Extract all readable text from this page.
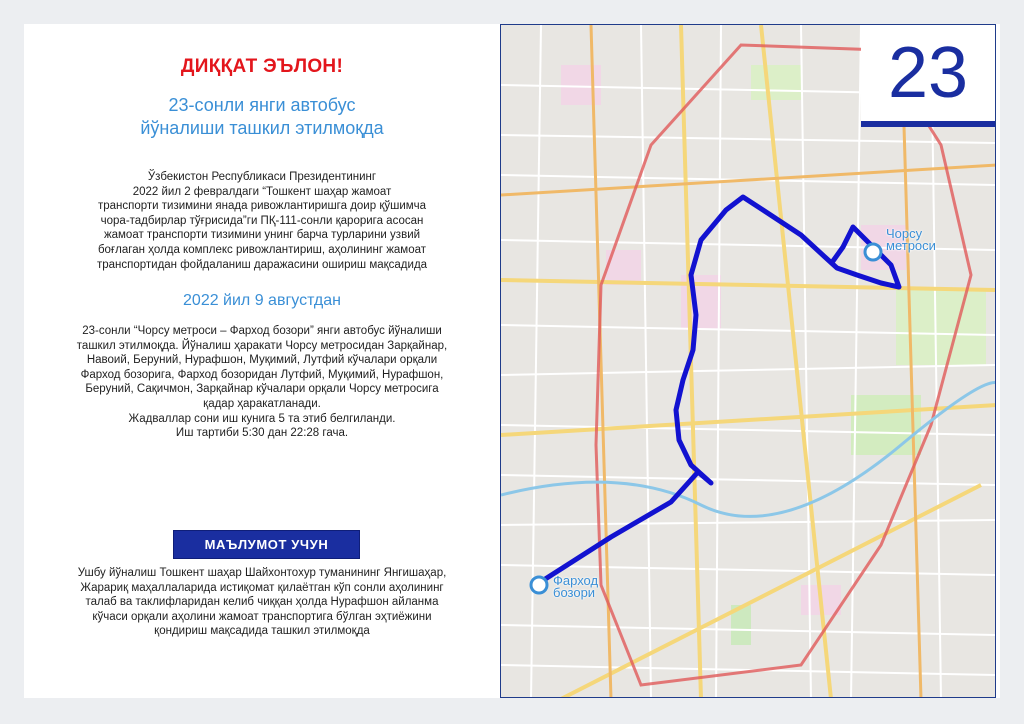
ДИҚҚАТ ЭЪЛОН!
23-сонли янги автобус
йўналиши ташкил этилмоқда
Ўзбекистон Республикаси Президентининг
2022 йил 2 февралдаги “Тошкент шаҳар жамоат
транспорти тизимини янада ривожлантиришга доир қўшимча
чора-тадбирлар тўғрисида”ги ПҚ-111-сонли қарорига асосан
жамоат транспорти тизимини унинг барча турларини узвий
боғлаган ҳолда комплекс ривожлантириш, аҳолининг жамоат
транспортидан фойдаланиш даражасини ошириш мақсадида
2022 йил 9 августдан
23-сонли “Чорсу метроси – Фарход бозори” янги автобус йўналиши
ташкил этилмоқда. Йўналиш ҳаракати Чорсу метросидан Зарқайнар,
Навоий, Беруний, Нурафшон, Муқимий, Лутфий кўчалари орқали
Фарход бозорига, Фарход бозоридан Лутфий, Муқимий, Нурафшон,
Беруний, Сақичмон, Зарқайнар кўчалари орқали Чорсу метросига
қадар ҳаракатланади.
Жадваллар сони иш кунига 5 та этиб белгиланди.
Иш тартиби 5:30 дан 22:28 гача.
МАЪЛУМОТ УЧУН
Ушбу йўналиш Тошкент шаҳар Шайхонтохур туманининг Янгишаҳар,
Жарариқ маҳаллаларида истиқомат қилаётган кўп сонли аҳолининг
талаб ва таклифларидан келиб чиққан ҳолда Нурафшон айланма
кўчаси орқали аҳолини жамоат транспортига бўлган эҳтиёжини
қондириш мақсадида ташкил этилмоқда
23
Чорсу
метроси
Фарход
бозори
